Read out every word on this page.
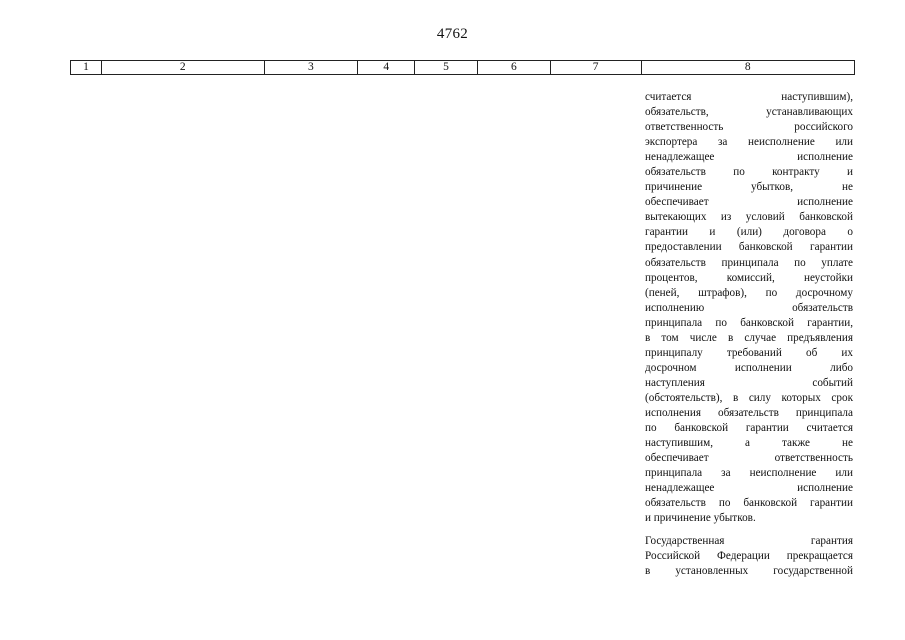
4762
1	2	3	4	5	6	7	8

считается наступившим),
обязательств, устанавливающих
ответственность российского
экспортера за неисполнение или
ненадлежащее исполнение
обязательств по контракту и
причинение убытков, не
обеспечивает исполнение
вытекающих из условий банковской
гарантии и (или) договора о
предоставлении банковской гарантии
обязательств принципала по уплате
процентов, комиссий, неустойки
(пеней, штрафов), по досрочному
исполнению обязательств
принципала по банковской гарантии,
в том числе в случае предъявления
принципалу требований об их
досрочном исполнении либо
наступления событий
(обстоятельств), в силу которых срок
исполнения обязательств принципала
по банковской гарантии считается
наступившим, а также не
обеспечивает ответственность
принципала за неисполнение или
ненадлежащее исполнение
обязательств по банковской гарантии
и причинение убытков.

Государственная гарантия
Российской Федерации прекращается
в установленных государственной
